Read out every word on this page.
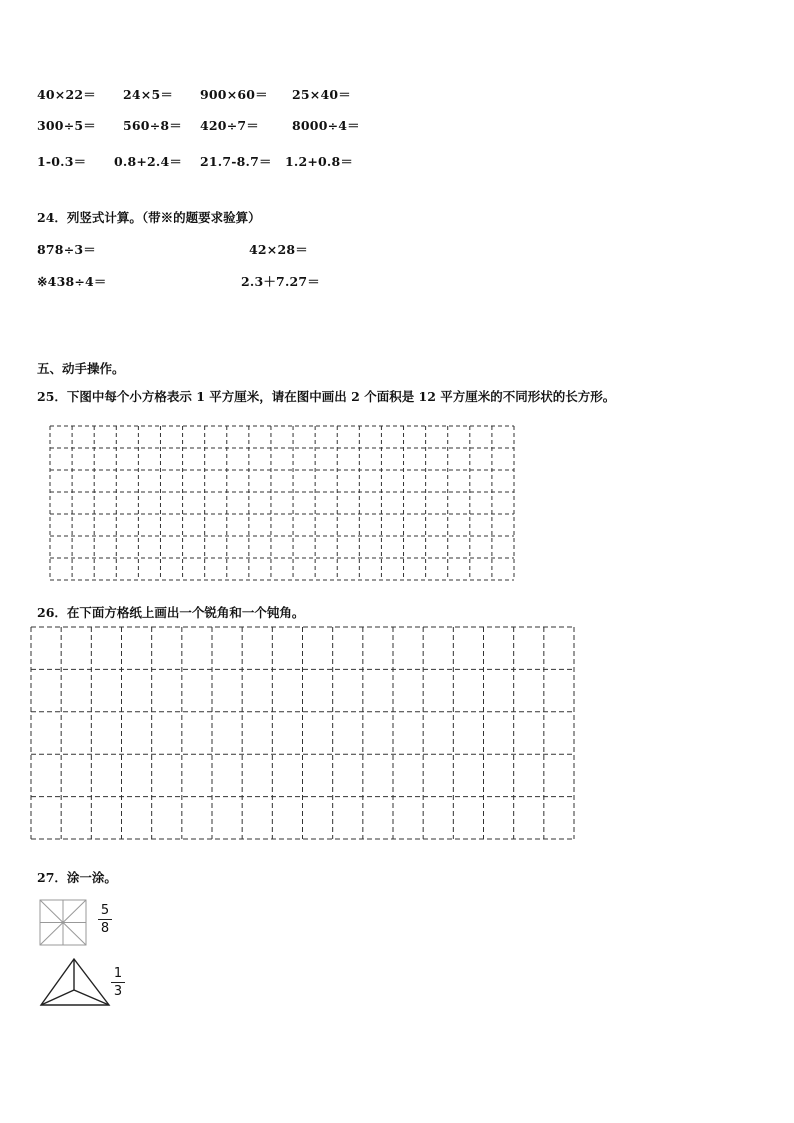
40×22＝ 24×5＝ 900×60＝ 25×40＝
300÷5＝ 560÷8＝ 420÷7＝	8000÷4＝
1-0.3＝ 0.8+2.4＝ 21.7-8.7＝ 1.2+0.8＝
24．列竖式计算。（带※的题要求验算）
878÷3＝	42×28＝
※438÷4＝	2.3＋7.27＝
五、动手操作。
25．下图中每个小方格表示 1 平方厘米，请在图中画出 2 个面积是 12 平方厘米的不同形状的长方形。
26．在下面方格纸上画出一个锐角和一个钝角。
27．涂一涂。
5
8
1
3
